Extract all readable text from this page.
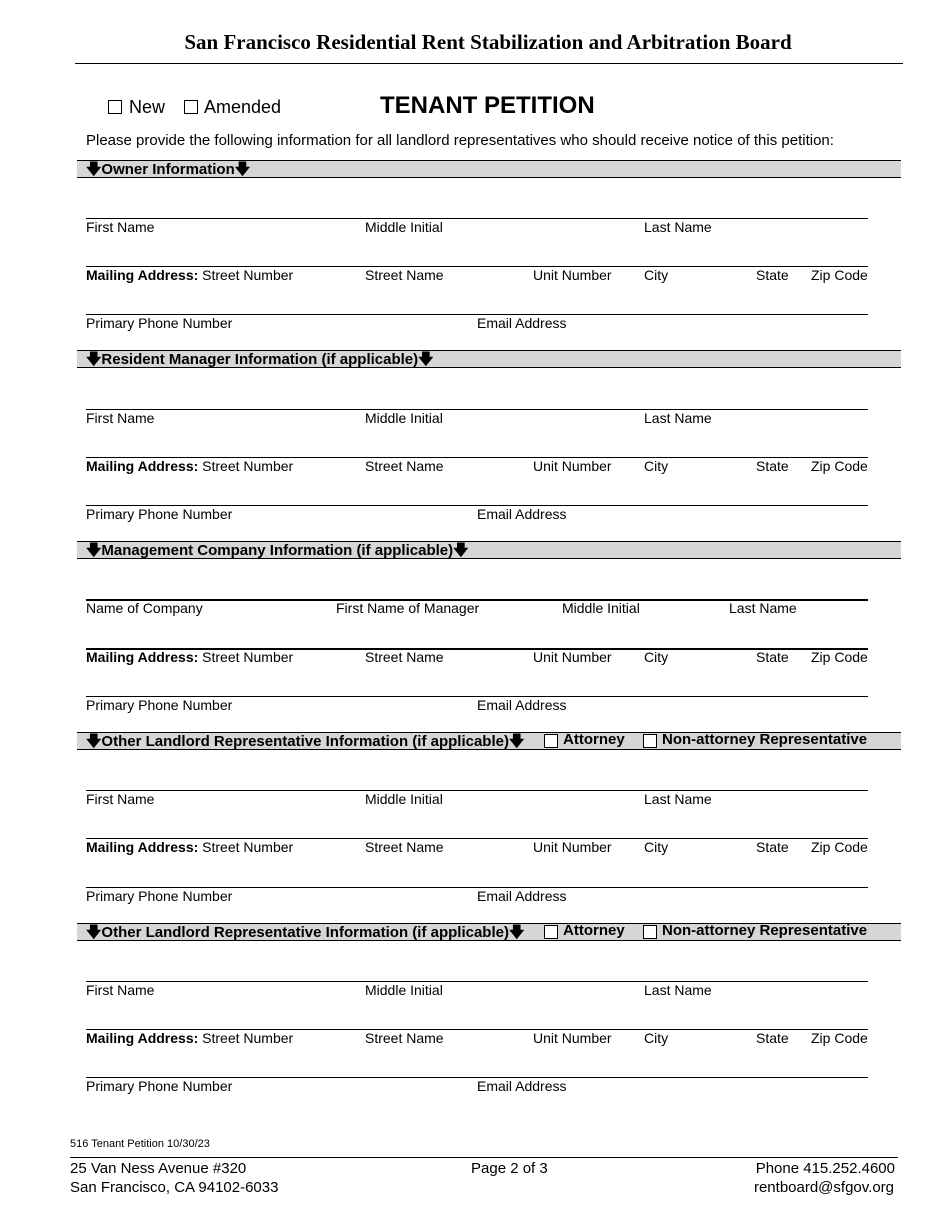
San Francisco Residential Rent Stabilization and Arbitration Board
New Amended	TENANT PETITION
Please provide the following information for all landlord representatives who should receive notice of this petition:
🡇Owner Information🡇
First Name	Middle Initial	Last Name
Mailing Address: Street Number	Street Name	Unit Number City	State Zip Code
Primary Phone Number	Email Address
🡇Resident Manager Information (if applicable)🡇
First Name	Middle Initial	Last Name
Mailing Address: Street Number	Street Name	Unit Number City	State Zip Code
Primary Phone Number	Email Address
🡇Management Company Information (if applicable)🡇
Name of Company	First Name of Manager	Middle Initial	Last Name
Mailing Address: Street Number	Street Name	Unit Number City	State Zip Code
Primary Phone Number	Email Address
🡇Other Landlord Representative Information (if applicable)🡇	Attorney Non-attorney Representative
First Name	Middle Initial	Last Name
Mailing Address: Street Number	Street Name	Unit Number City	State Zip Code
Primary Phone Number	Email Address
🡇Other Landlord Representative Information (if applicable)🡇	Attorney Non-attorney Representative
First Name	Middle Initial	Last Name
Mailing Address: Street Number	Street Name	Unit Number City	State Zip Code
Primary Phone Number	Email Address
516 Tenant Petition 10/30/23
25 Van Ness Avenue #320
San Francisco, CA 94102-6033
Page 2 of 3	Phone 415.252.4600
rentboard@sfgov.org
